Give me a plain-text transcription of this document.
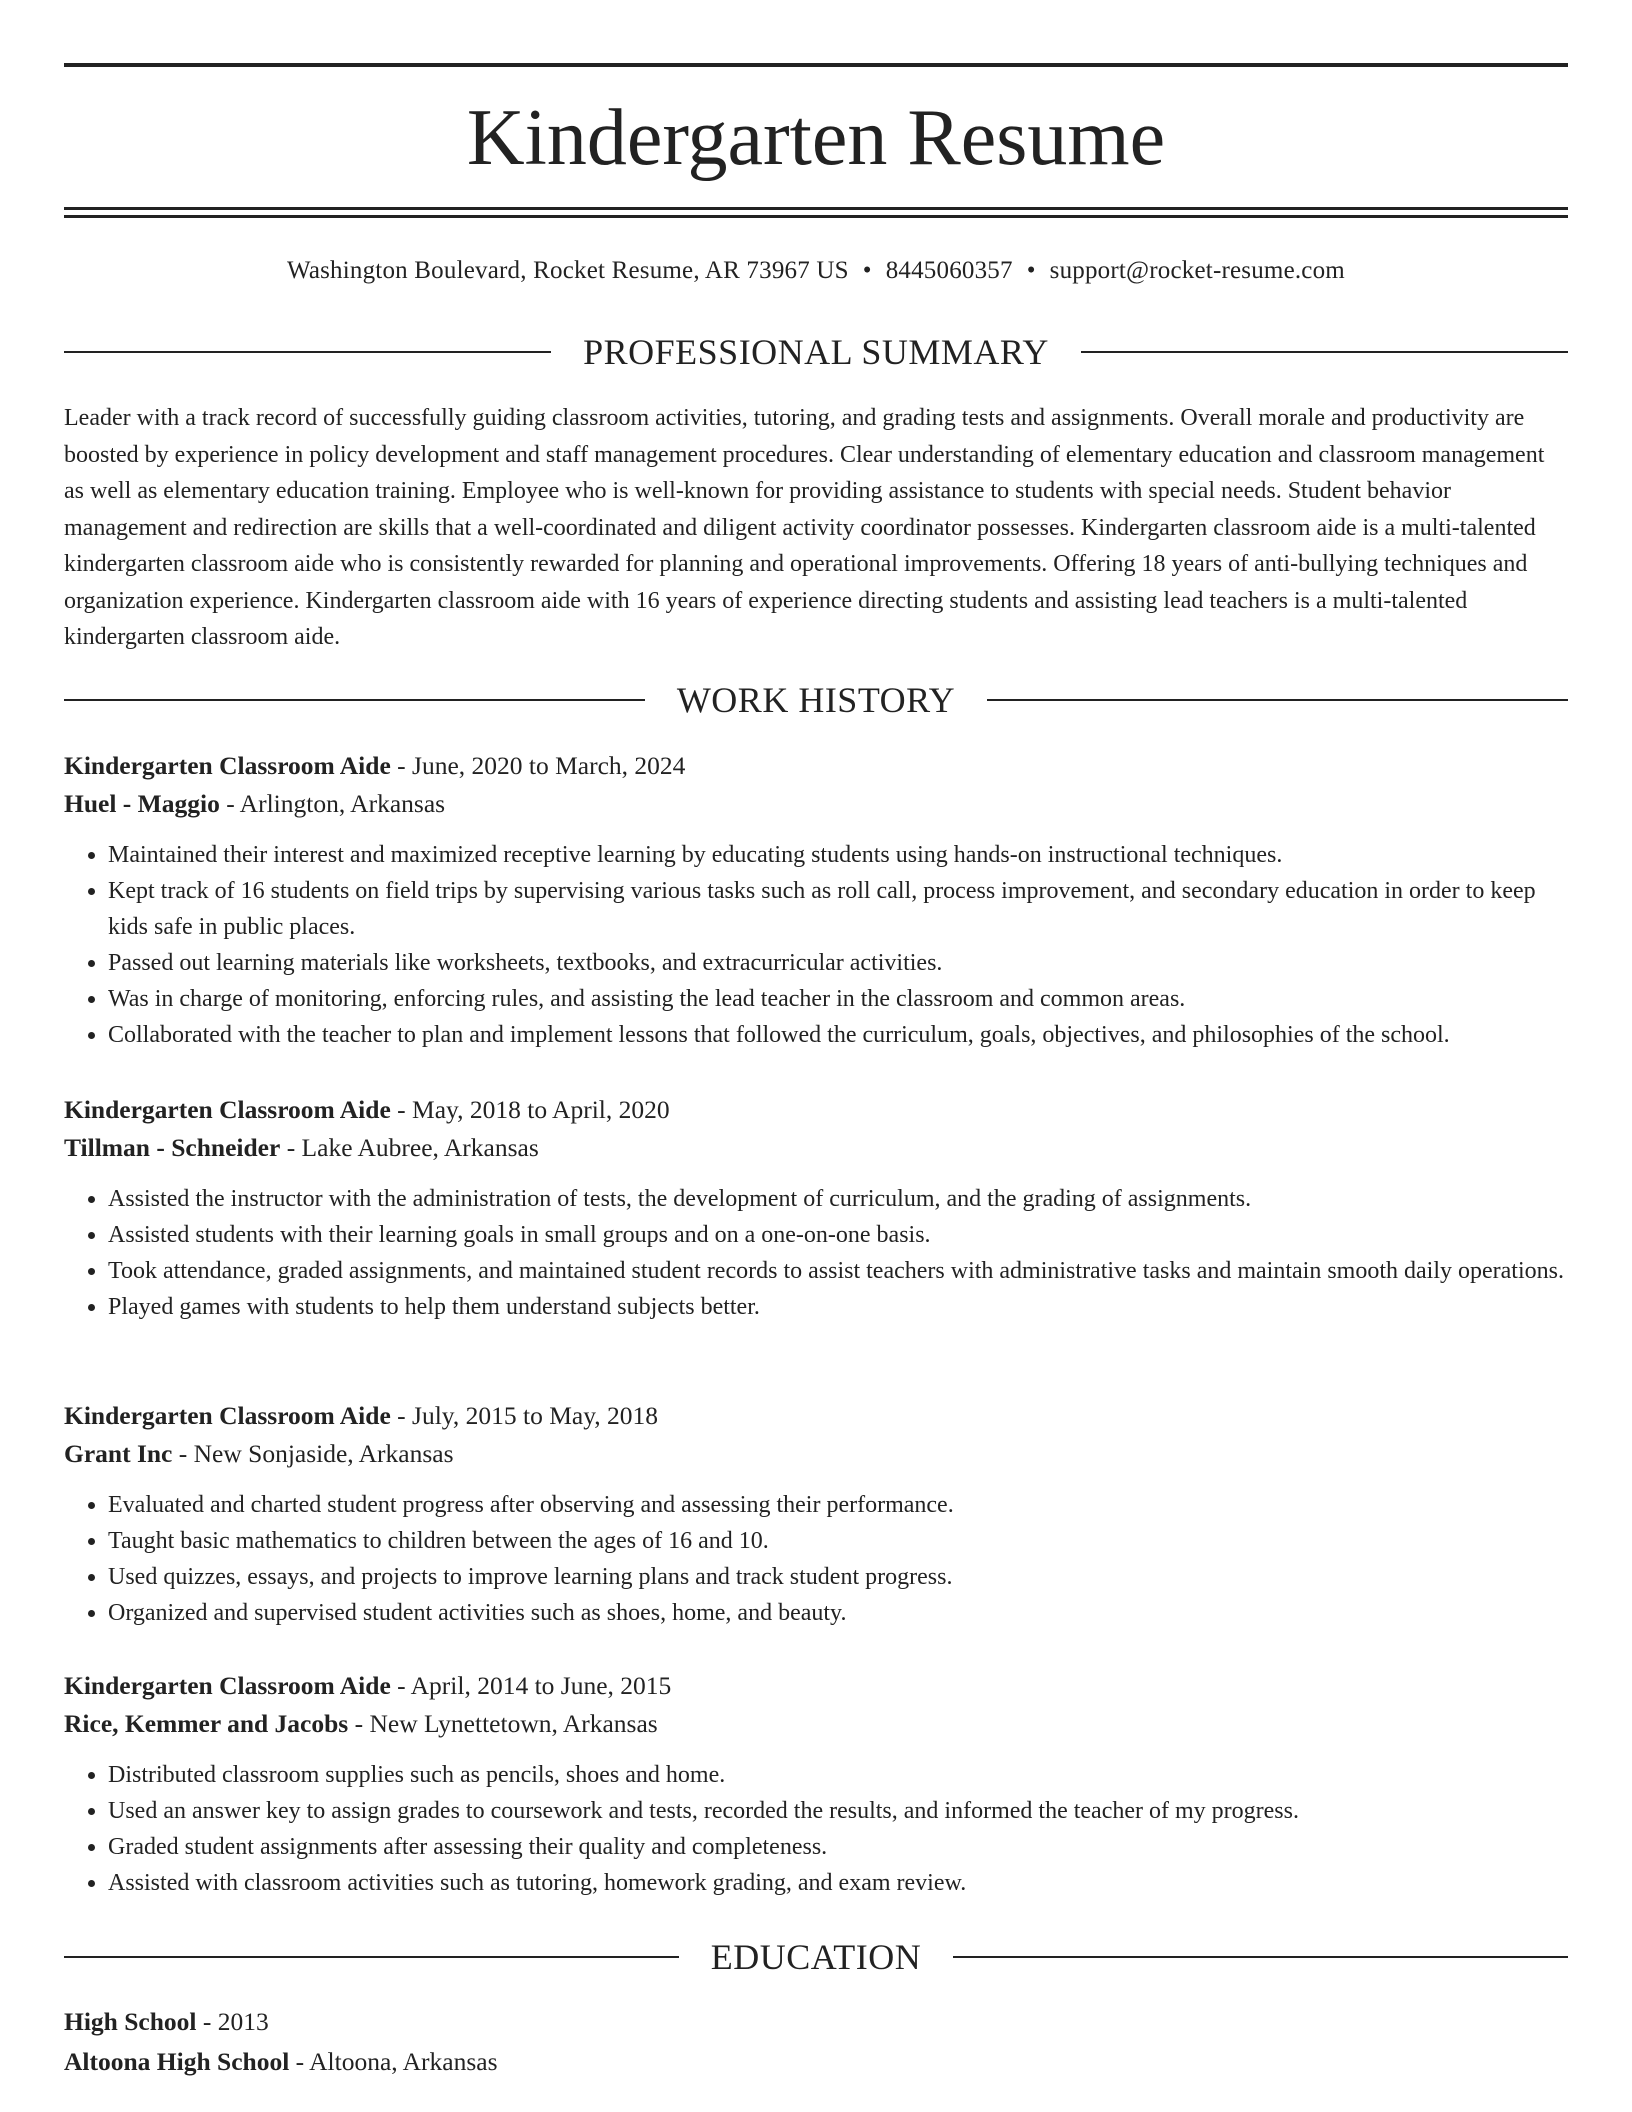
Kindergarten Resume
Washington Boulevard, Rocket Resume, AR 73967 US • 8445060357 • support@rocket-resume.com
PROFESSIONAL SUMMARY

Leader with a track record of successfully guiding classroom activities, tutoring, and grading tests and assignments. Overall morale and productivity are boosted by experience in policy development and staff management procedures. Clear understanding of elementary education and classroom management as well as elementary education training. Employee who is well-known for providing assistance to students with special needs. Student behavior management and redirection are skills that a well-coordinated and diligent activity coordinator possesses. Kindergarten classroom aide is a multi-talented kindergarten classroom aide who is consistently rewarded for planning and operational improvements. Offering 18 years of anti-bullying techniques and organization experience. Kindergarten classroom aide with 16 years of experience directing students and assisting lead teachers is a multi-talented kindergarten classroom aide.

WORK HISTORY
Kindergarten Classroom Aide - June, 2020 to March, 2024
Huel - Maggio - Arlington, Arkansas
• Maintained their interest and maximized receptive learning by educating students using hands-on instructional techniques.
• Kept track of 16 students on field trips by supervising various tasks such as roll call, process improvement, and secondary education in order to keep kids safe in public places.
• Passed out learning materials like worksheets, textbooks, and extracurricular activities.
• Was in charge of monitoring, enforcing rules, and assisting the lead teacher in the classroom and common areas.
• Collaborated with the teacher to plan and implement lessons that followed the curriculum, goals, objectives, and philosophies of the school.
Kindergarten Classroom Aide - May, 2018 to April, 2020
Tillman - Schneider - Lake Aubree, Arkansas
• Assisted the instructor with the administration of tests, the development of curriculum, and the grading of assignments.
• Assisted students with their learning goals in small groups and on a one-on-one basis.
• Took attendance, graded assignments, and maintained student records to assist teachers with administrative tasks and maintain smooth daily operations.
• Played games with students to help them understand subjects better.
Kindergarten Classroom Aide - July, 2015 to May, 2018
Grant Inc - New Sonjaside, Arkansas
• Evaluated and charted student progress after observing and assessing their performance.
• Taught basic mathematics to children between the ages of 16 and 10.
• Used quizzes, essays, and projects to improve learning plans and track student progress.
• Organized and supervised student activities such as shoes, home, and beauty.
Kindergarten Classroom Aide - April, 2014 to June, 2015
Rice, Kemmer and Jacobs - New Lynettetown, Arkansas
• Distributed classroom supplies such as pencils, shoes and home.
• Used an answer key to assign grades to coursework and tests, recorded the results, and informed the teacher of my progress.
• Graded student assignments after assessing their quality and completeness.
• Assisted with classroom activities such as tutoring, homework grading, and exam review.
EDUCATION
High School - 2013
Altoona High School - Altoona, Arkansas
